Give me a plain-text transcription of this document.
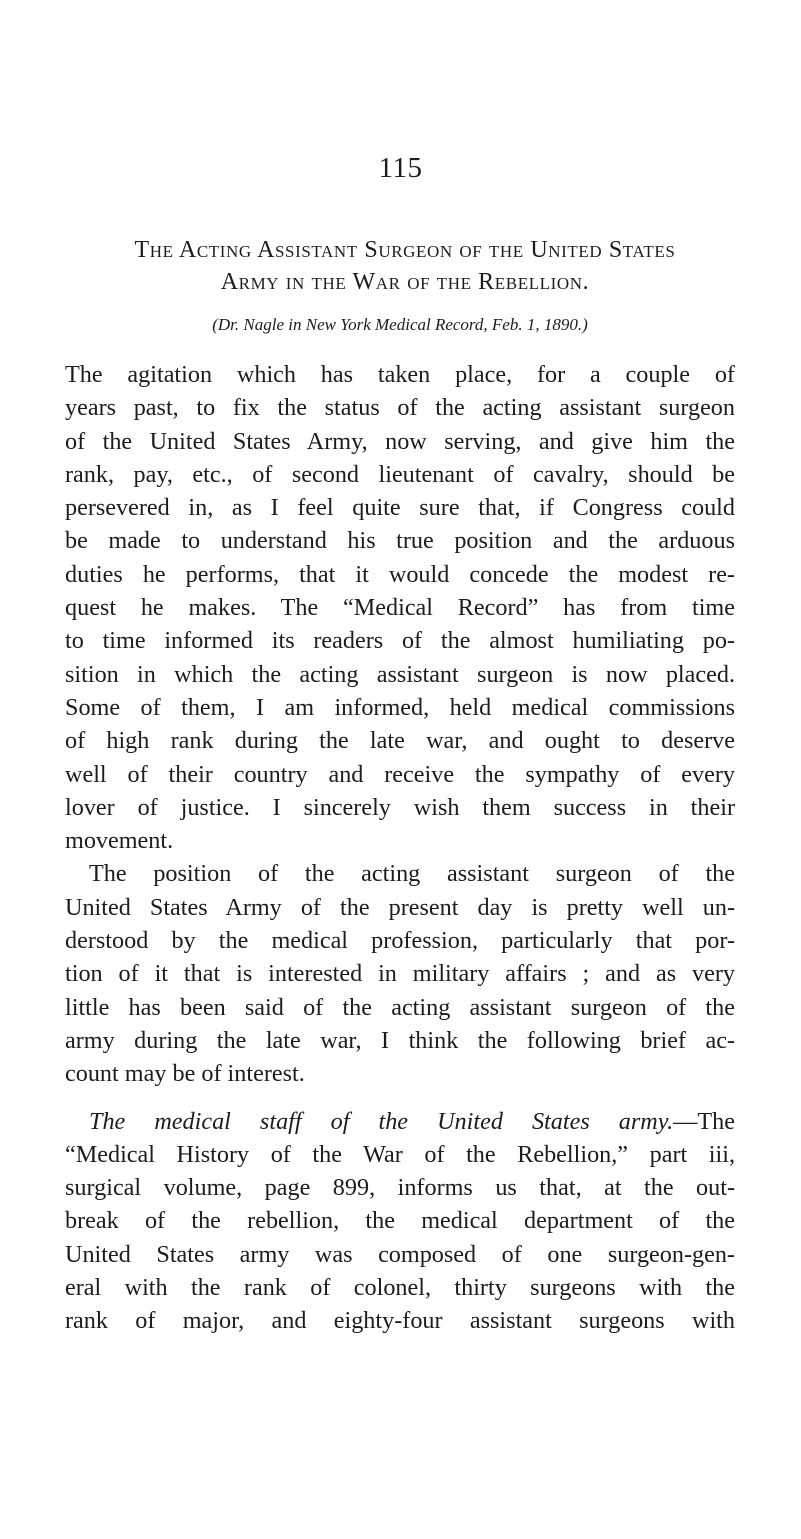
115
The Acting Assistant Surgeon of the United States
Army in the War of the Rebellion.
(Dr. Nagle in New York Medical Record, Feb. 1, 1890.)
The agitation which has taken place, for a couple of
years past, to fix the status of the acting assistant surgeon
of the United States Army, now serving, and give him the
rank, pay, etc., of second lieutenant of cavalry, should be
persevered in, as I feel quite sure that, if Congress could
be made to understand his true position and the arduous
duties he performs, that it would concede the modest re-
quest he makes. The “Medical Record” has from time
to time informed its readers of the almost humiliating po-
sition in which the acting assistant surgeon is now placed.
Some of them, I am informed, held medical commissions
of high rank during the late war, and ought to deserve
well of their country and receive the sympathy of every
lover of justice. I sincerely wish them success in their
movement.
The position of the acting assistant surgeon of the
United States Army of the present day is pretty well un-
derstood by the medical profession, particularly that por-
tion of it that is interested in military affairs ; and as very
little has been said of the acting assistant surgeon of the
army during the late war, I think the following brief ac-
count may be of interest.
The medical staff of the United States army.—The
“Medical History of the War of the Rebellion,” part iii,
surgical volume, page 899, informs us that, at the out-
break of the rebellion, the medical department of the
United States army was composed of one surgeon-gen-
eral with the rank of colonel, thirty surgeons with the
rank of major, and eighty-four assistant surgeons with
